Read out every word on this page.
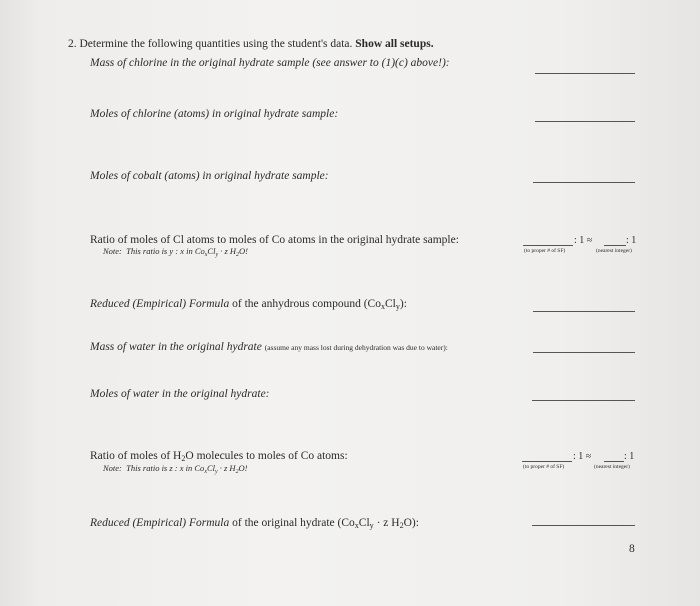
2. Determine the following quantities using the student's data. Show all setups.
Mass of chlorine in the original hydrate sample (see answer to (1)(c) above!):
Moles of chlorine (atoms) in original hydrate sample:
Moles of cobalt (atoms) in original hydrate sample:
Ratio of moles of Cl atoms to moles of Co atoms in the original hydrate sample:
Note: This ratio is y : x in $Co_xCl_y \cdot z$ $H_2O$!
: 1 ≈	: 1
(to proper # of SF)	(nearest integer)
Reduced (Empirical) Formula of the anhydrous compound $(Co_xCl_y)$:
Mass of water in the original hydrate (assume any mass lost during dehydration was due to water):
Moles of water in the original hydrate:
Ratio of moles of $H_2O$ molecules to moles of Co atoms:
Note: This ratio is z : x in $Co_xCl_y \cdot z$ $H_2O$!
: 1 ≈	: 1
(to proper # of SF)	(nearest integer)
Reduced (Empirical) Formula of the original hydrate ($Co_xCl_y \cdot z$ $H_2O$):
8
